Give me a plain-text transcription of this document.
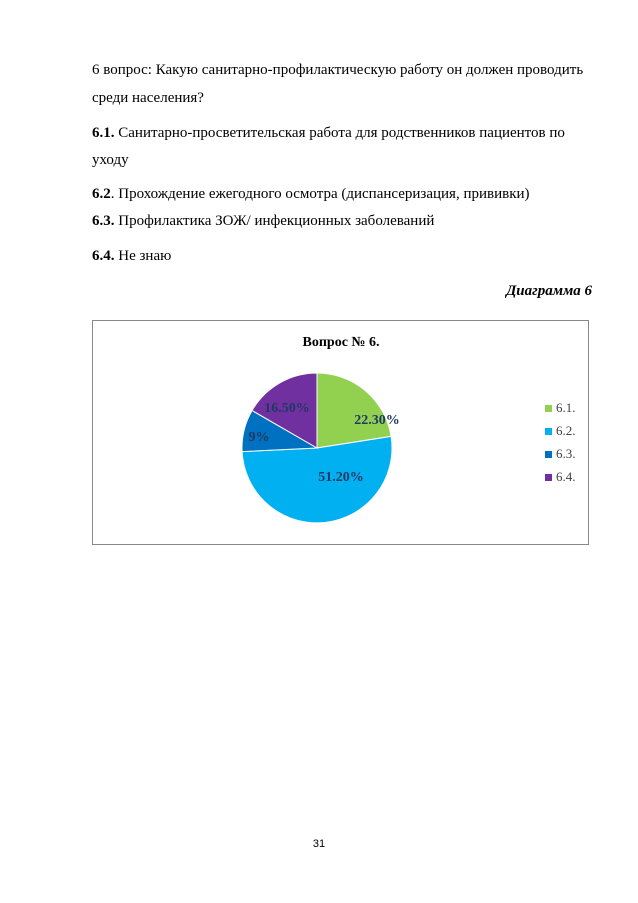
6 вопрос: Какую санитарно-профилактическую работу он должен проводить
среди населения?
6.1. Санитарно-просветительская работа для родственников пациентов по
уходу
6.2. Прохождение ежегодного осмотра (диспансеризация, прививки)
6.3. Профилактика ЗОЖ/ инфекционных заболеваний
6.4. Не знаю
Диаграмма 6
Вопрос № 6.
22.30%
51.20%
9%
16.50%	6.1.
6.2.
6.3.
6.4.
31
